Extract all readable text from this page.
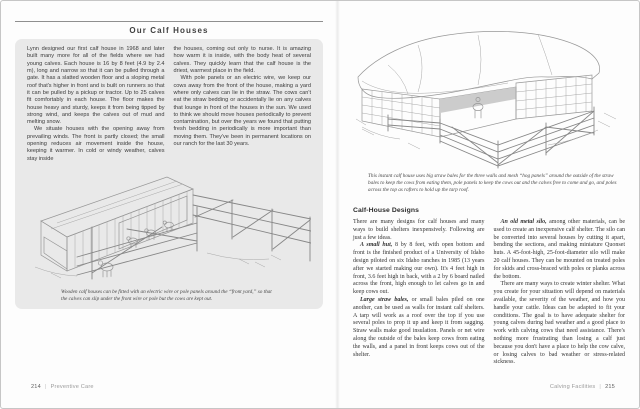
Our Calf Houses

Lynn designed our first calf house in 1968 and later built many more for all of the fields where we had young calves. Each house is 16 by 8 feet (4.9 by 2.4 m), long and narrow so that it can be pulled through a gate. It has a slatted wooden floor and a sloping metal roof that's higher in front and is built on runners so that it can be pulled by a pickup or tractor. Up to 25 calves fit comfortably in each house. The floor makes the house heavy and sturdy, keeps it from being tipped by strong wind, and keeps the calves out of mud and melting snow.

We situate houses with the opening away from prevailing winds. The front is partly closed; the small opening reduces air movement inside the house, keeping it warmer. In cold or windy weather, calves stay inside

the houses, coming out only to nurse. It is amazing how warm it is inside, with the body heat of several calves. They quickly learn that the calf house is the driest, warmest place in the field.

With pole panels or an electric wire, we keep our cows away from the front of the house, making a yard where only calves can lie in the straw. The cows can't eat the straw bedding or accidentally lie on any calves that lounge in front of the houses in the sun. We used to think we should move houses periodically to prevent contamination, but over the years we found that putting fresh bedding in periodically is more important than moving them. They've been in permanent locations on our ranch for the last 30 years.

Wooden calf houses can be fitted with an electric wire or pole panels around the “front yard,” so that the calves can slip under the front wire or pole but the cows are kept out.
214 | Preventive Care
This instant calf house uses big straw bales for the three walls and mesh “hog panels” around the outside of the straw bales to keep the cows from eating them, pole panels to keep the cows out and the calves free to come and go, and poles across the top as rafters to hold up the tarp roof.
Calf-House Designs

There are many designs for calf houses and many ways to build shelters inexpensively. Following are just a few ideas.

A small hut, 8 by 8 feet, with open bottom and front is the finished product of a University of Idaho design piloted on six Idaho ranches in 1985 (13 years after we started making our own). It's 4 feet high in front, 3.6 feet high in back, with a 2 by 6 board nailed across the front, high enough to let calves go in and keep cows out.

Large straw bales, or small bales piled on one another, can be used as walls for instant calf shelters. A tarp will work as a roof over the top if you use several poles to prop it up and keep it from sagging. Straw walls make good insulation. Panels or net wire along the outside of the bales keep cows from eating the walls, and a panel in front keeps cows out of the shelter.

An old metal silo, among other materials, can be used to create an inexpensive calf shelter. The silo can be converted into several houses by cutting it apart, bending the sections, and making miniature Quonset huts. A 45-foot-high, 25-foot-diameter silo will make 20 calf houses. They can be mounted on treated poles for skids and cross-braced with poles or planks across the bottom.

There are many ways to create winter shelter. What you create for your situation will depend on materials available, the severity of the weather, and how you handle your cattle. Ideas can be adapted to fit your conditions. The goal is to have adequate shelter for young calves during bad weather and a good place to work with calving cows that need assistance. There's nothing more frustrating than losing a calf just because you don't have a place to help the cow calve, or losing calves to bad weather or stress-related sickness.

Calving Facilities | 215
